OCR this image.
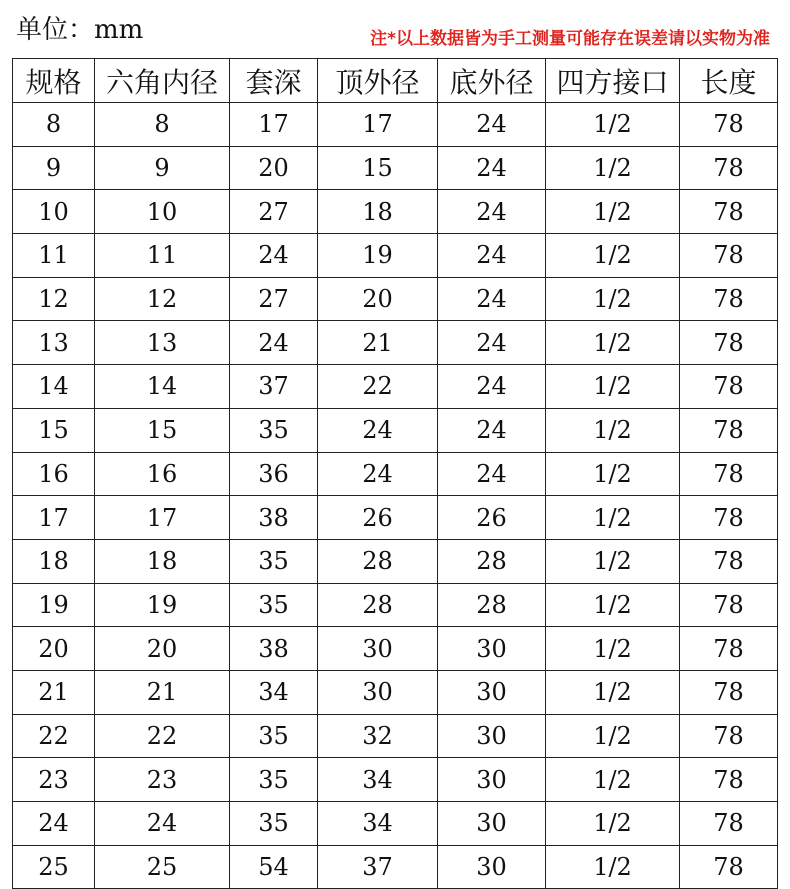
单位：mm	注*以上数据皆为手工测量可能存在误差请以实物为准
规格	六角内径	套深	顶外径	底外径	四方接口	长度
8	8	17	17	24	1/2	78
9	9	20	15	24	1/2	78
10	10	27	18	24	1/2	78
11	11	24	19	24	1/2	78
12	12	27	20	24	1/2	78
13	13	24	21	24	1/2	78
14	14	37	22	24	1/2	78
15	15	35	24	24	1/2	78
16	16	36	24	24	1/2	78
17	17	38	26	26	1/2	78
18	18	35	28	28	1/2	78
19	19	35	28	28	1/2	78
20	20	38	30	30	1/2	78
21	21	34	30	30	1/2	78
22	22	35	32	30	1/2	78
23	23	35	34	30	1/2	78
24	24	35	34	30	1/2	78
25	25	54	37	30	1/2	78
